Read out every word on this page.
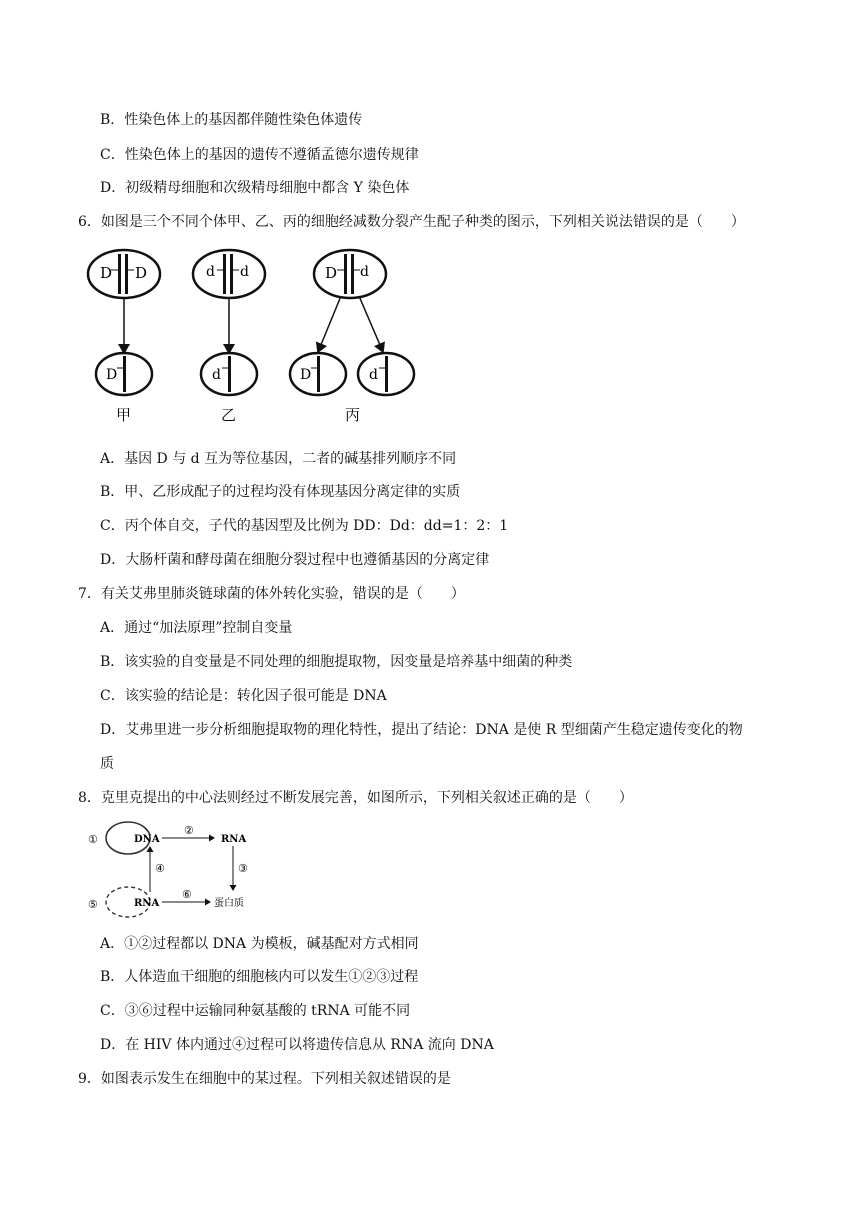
B．性染色体上的基因都伴随性染色体遗传
C．性染色体上的基因的遗传不遵循孟德尔遗传规律
D．初级精母细胞和次级精母细胞中都含 Y 染色体
6．如图是三个不同个体甲、乙、丙的细胞经减数分裂产生配子种类的图示，下列相关说法错误的是（　　）
D D
D
甲
d d
d
乙
D d
D	d
丙
A．基因 D 与 d 互为等位基因，二者的碱基排列顺序不同
B．甲、乙形成配子的过程均没有体现基因分离定律的实质
C．丙个体自交，子代的基因型及比例为 DD：Dd：dd=1：2：1
D．大肠杆菌和酵母菌在细胞分裂过程中也遵循基因的分离定律
7．有关艾弗里肺炎链球菌的体外转化实验，错误的是（　　）
A．通过“加法原理”控制自变量
B．该实验的自变量是不同处理的细胞提取物，因变量是培养基中细菌的种类
C．该实验的结论是：转化因子很可能是 DNA
D．艾弗里进一步分析细胞提取物的理化特性，提出了结论：DNA 是使 R 型细菌产生稳定遗传变化的物
质
8．克里克提出的中心法则经过不断发展完善，如图所示，下列相关叙述正确的是（　　）
①	DNA
②
RNA
③
④
⑤	RNA
⑥
蛋白质
A．①②过程都以 DNA 为模板，碱基配对方式相同
B．人体造血干细胞的细胞核内可以发生①②③过程
C．③⑥过程中运输同种氨基酸的 tRNA 可能不同
D．在 HIV 体内通过④过程可以将遗传信息从 RNA 流向 DNA
9．如图表示发生在细胞中的某过程。下列相关叙述错误的是
